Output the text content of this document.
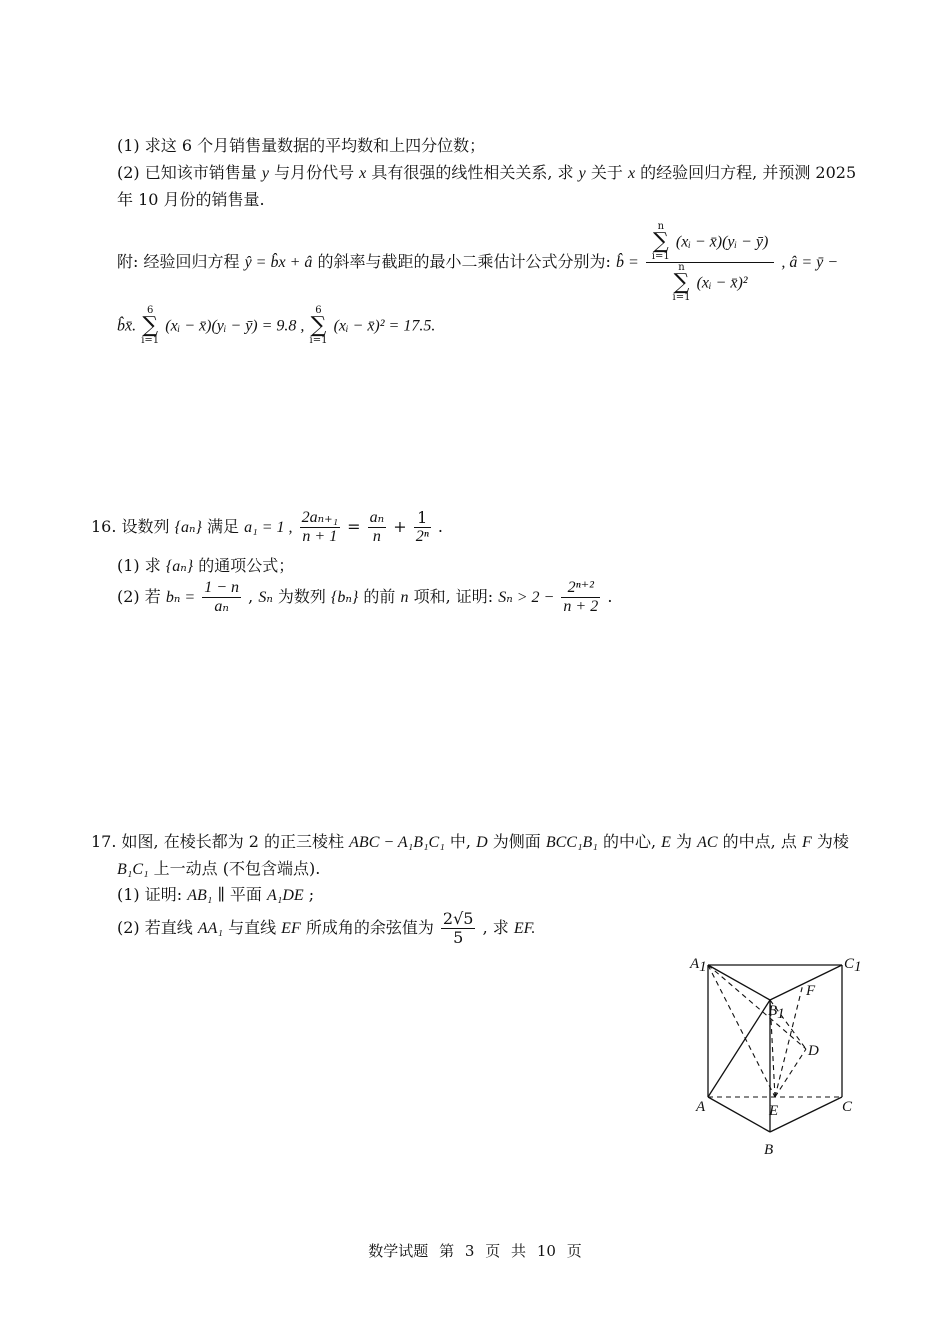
(1) 求这 6 个月销售量数据的平均数和上四分位数；
(2) 已知该市销售量 y 与月份代号 x 具有很强的线性相关关系, 求 y 关于 x 的经验回归方程, 并预测 2025
年 10 月份的销售量.
附: 经验回归方程 ŷ = b̂x + â 的斜率与截距的最小二乘估计公式分别为: b̂ = n
∑
i=1 (xᵢ − x̄)(yᵢ − ȳ)
n
∑
i=1 (xᵢ − x̄)² , â = ȳ −
b̂x̄. 6
∑
i=1 (xᵢ − x̄)(yᵢ − ȳ) = 9.8 , 6
∑
i=1 (xᵢ − x̄)² = 17.5.
16. 设数列 {aₙ} 满足 a₁ = 1 , $\frac{\text{2aₙ₊₁}}{n + 1} = \frac{\text{aₙ}}{n} + \frac{1}{\text{2ⁿ}}$ .
(1) 求 {aₙ} 的通项公式；
(2) 若 $b_n = \frac{1 - n}{\text{aₙ}}$ , Sₙ 为数列 {bₙ} 的前 n 项和, 证明: $S_n > 2 - \frac{\text{2ⁿ⁺²}}{n + 2}$ .
17. 如图, 在棱长都为 2 的正三棱柱 ABC − A₁B₁C₁ 中, D 为侧面 BCC₁B₁ 的中心, E 为 AC 的中点, 点 F 为棱
B₁C₁ 上一动点 (不包含端点).
(1) 证明: AB₁ ∥ 平面 A₁DE ;
(2) 若直线 AA₁ 与直线 EF 所成角的余弦值为 $\frac{2√5}{5}$ , 求 EF.
A1	C1
B1
F
D
A	E	C
B
数学试题 第 3 页 共 10 页
